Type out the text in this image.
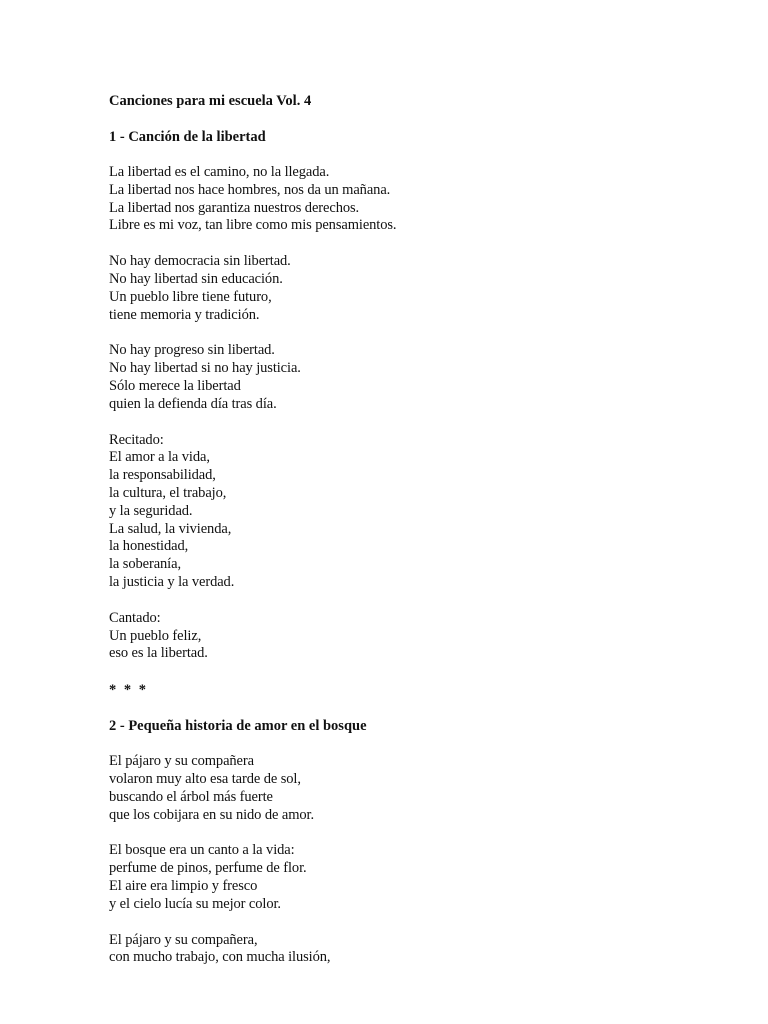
Canciones para mi escuela Vol. 4
1 - Canción de la libertad
La libertad es el camino, no la llegada.
La libertad nos hace hombres, nos da un mañana.
La libertad nos garantiza nuestros derechos.
Libre es mi voz, tan libre como mis pensamientos.
No hay democracia sin libertad.
No hay libertad sin educación.
Un pueblo libre tiene futuro,
tiene memoria y tradición.
No hay progreso sin libertad.
No hay libertad si no hay justicia.
Sólo merece la libertad
quien la defienda día tras día.
Recitado:
El amor a la vida,
la responsabilidad,
la cultura, el trabajo,
y la seguridad.
La salud, la vivienda,
la honestidad,
la soberanía,
la justicia y la verdad.
Cantado:
Un pueblo feliz,
eso es la libertad.
* * *
2 - Pequeña historia de amor en el bosque
El pájaro y su compañera
volaron muy alto esa tarde de sol,
buscando el árbol más fuerte
que los cobijara en su nido de amor.
El bosque era un canto a la vida:
perfume de pinos, perfume de flor.
El aire era limpio y fresco
y el cielo lucía su mejor color.
El pájaro y su compañera,
con mucho trabajo, con mucha ilusión,
